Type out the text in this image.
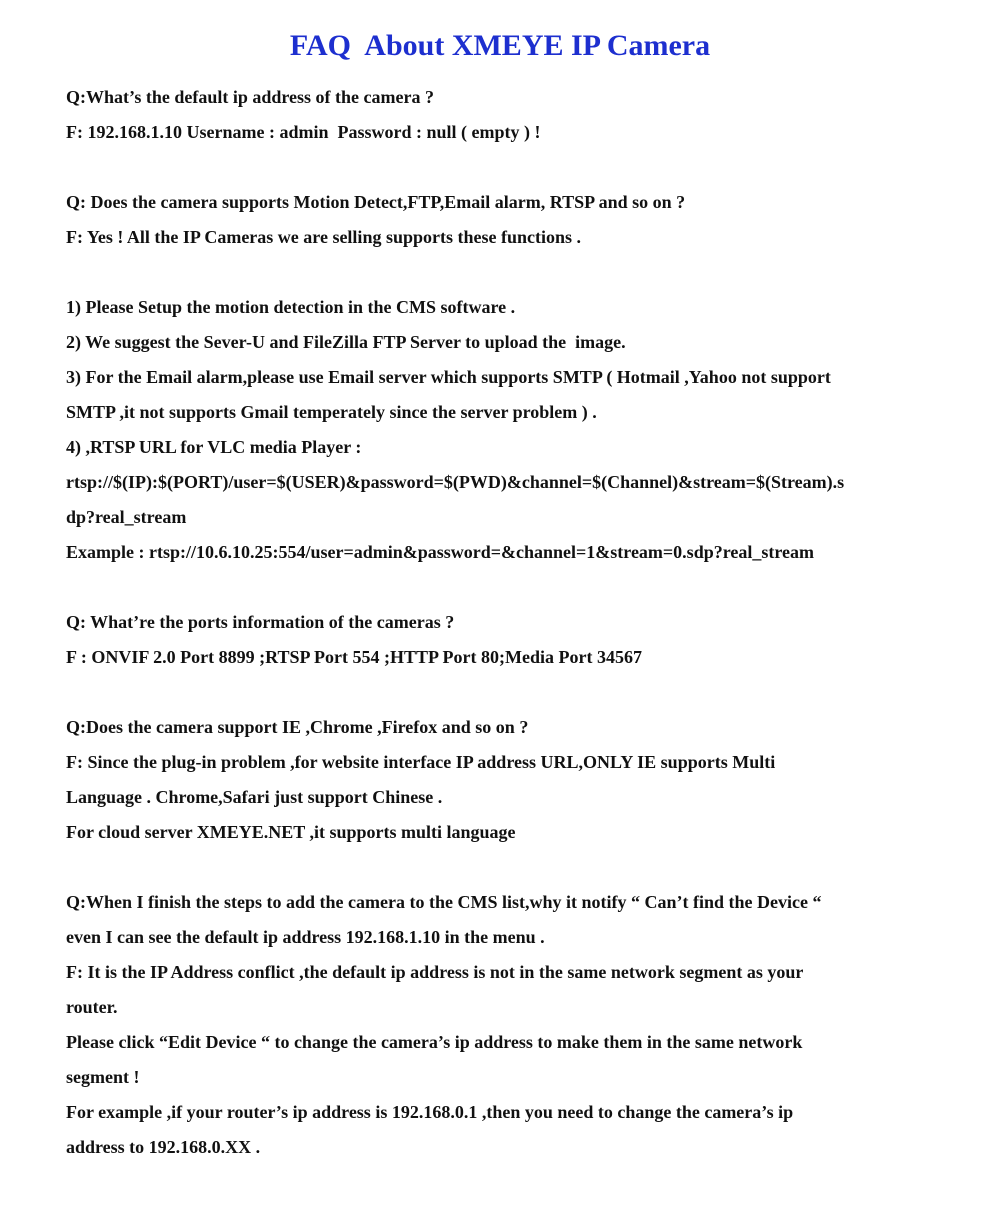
FAQ  About XMEYE IP Camera
Q:What’s the default ip address of the camera ?
F: 192.168.1.10 Username : admin  Password : null ( empty ) !
Q: Does the camera supports Motion Detect,FTP,Email alarm, RTSP and so on ?
F: Yes ! All the IP Cameras we are selling supports these functions .
1) Please Setup the motion detection in the CMS software .
2) We suggest the Sever-U and FileZilla FTP Server to upload the  image.
3) For the Email alarm,please use Email server which supports SMTP ( Hotmail ,Yahoo not support
SMTP ,it not supports Gmail temperately since the server problem ) .
4) ,RTSP URL for VLC media Player :
rtsp://$(IP):$(PORT)/user=$(USER)&password=$(PWD)&channel=$(Channel)&stream=$(Stream).s
dp?real_stream
Example : rtsp://10.6.10.25:554/user=admin&password=&channel=1&stream=0.sdp?real_stream
Q: What’re the ports information of the cameras ?
F : ONVIF 2.0 Port 8899 ;RTSP Port 554 ;HTTP Port 80;Media Port 34567
Q:Does the camera support IE ,Chrome ,Firefox and so on ?
F: Since the plug-in problem ,for website interface IP address URL,ONLY IE supports Multi
Language . Chrome,Safari just support Chinese .
For cloud server XMEYE.NET ,it supports multi language
Q:When I finish the steps to add the camera to the CMS list,why it notify “ Can’t find the Device “
even I can see the default ip address 192.168.1.10 in the menu .
F: It is the IP Address conflict ,the default ip address is not in the same network segment as your
router.
Please click “Edit Device “ to change the camera’s ip address to make them in the same network
segment !
For example ,if your router’s ip address is 192.168.0.1 ,then you need to change the camera’s ip
address to 192.168.0.XX .
